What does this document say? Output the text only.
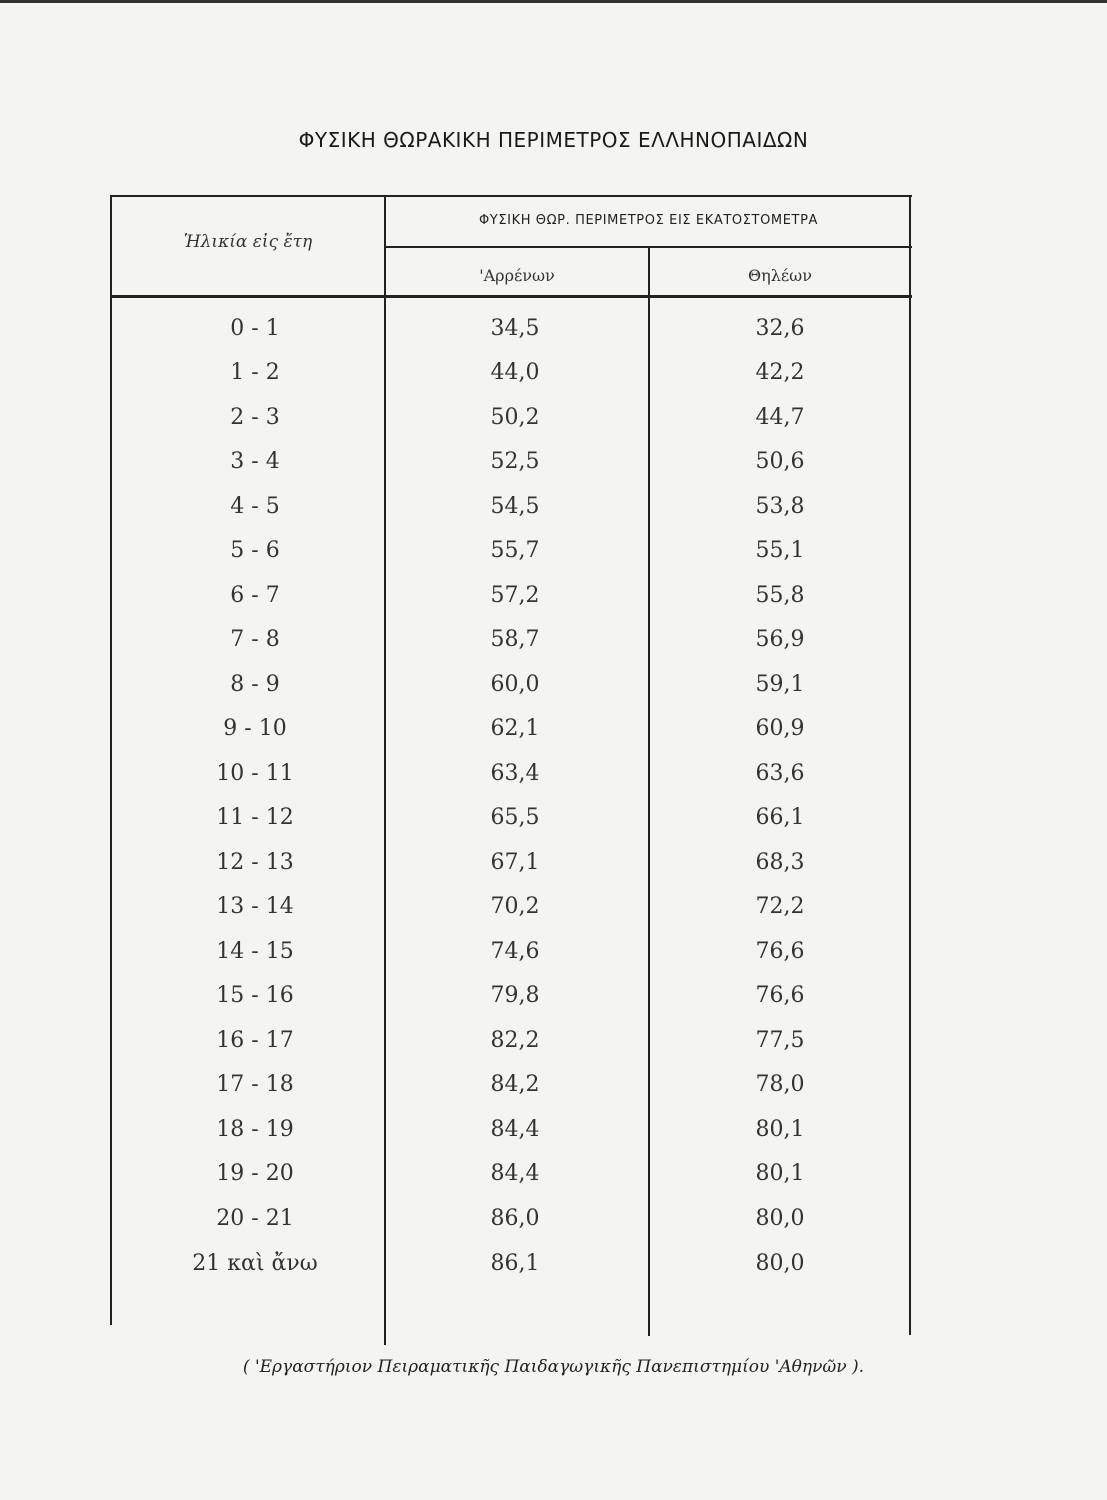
ΦΥΣΙΚΗ ΘΩΡΑΚΙΚΗ ΠΕΡΙΜΕΤΡΟΣ ΕΛΛΗΝΟΠΑΙΔΩΝ
Ἡλικία εἰς ἔτη
ΦΥΣΙΚΗ ΘΩΡ. ΠΕΡΙΜΕΤΡΟΣ ΕΙΣ ΕΚΑΤΟΣΤΟΜΕΤΡΑ
'Αρρένων	Θηλέων
0 - 1	34,5	32,6
1 - 2	44,0	42,2
2 - 3	50,2	44,7
3 - 4	52,5	50,6
4 - 5	54,5	53,8
5 - 6	55,7	55,1
6 - 7	57,2	55,8
7 - 8	58,7	56,9
8 - 9	60,0	59,1
9 - 10	62,1	60,9
10 - 11	63,4	63,6
11 - 12	65,5	66,1
12 - 13	67,1	68,3
13 - 14	70,2	72,2
14 - 15	74,6	76,6
15 - 16	79,8	76,6
16 - 17	82,2	77,5
17 - 18	84,2	78,0
18 - 19	84,4	80,1
19 - 20	84,4	80,1
20 - 21	86,0	80,0
21 καὶ ἄνω	86,1	80,0
( 'Εργαστήριον Πειραματικῆς Παιδαγωγικῆς Πανεπιστημίου 'Αθηνῶν ).
